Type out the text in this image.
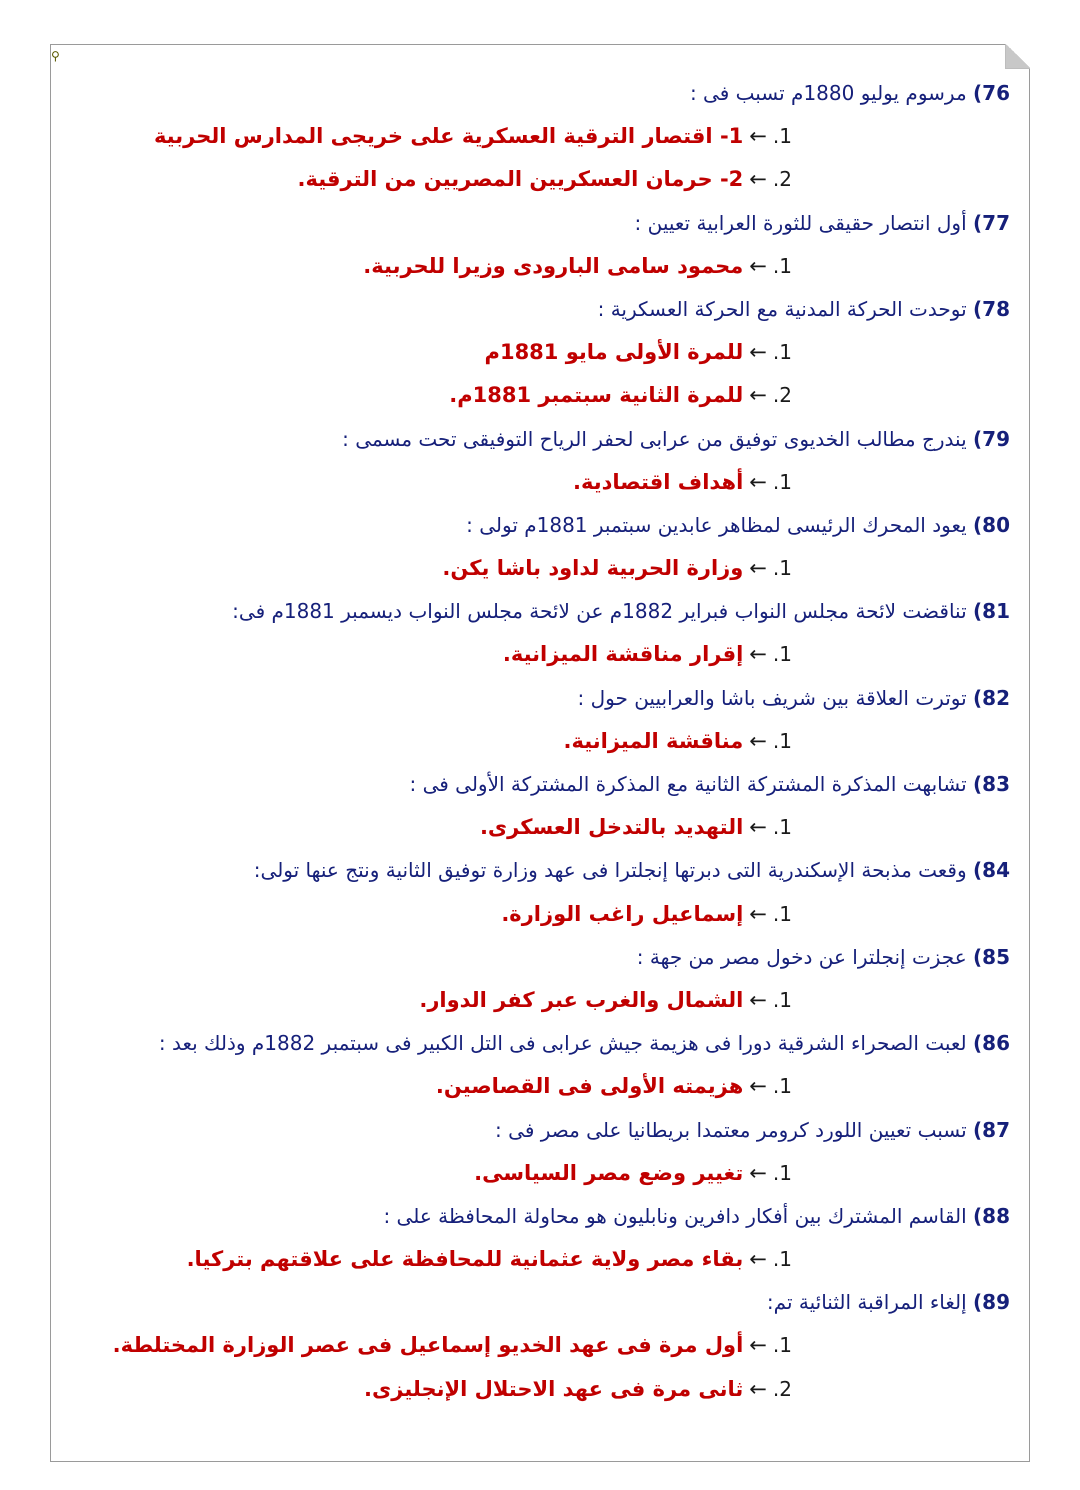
⚲
76) مرسوم يوليو 1880م تسبب فى :
1.←1- اقتصار الترقية العسكرية على خريجى المدارس الحربية
2.←2- حرمان العسكريين المصريين من الترقية.
77) أول انتصار حقيقى للثورة العرابية تعيين :
1.←محمود سامى البارودى وزيرا للحربية.
78) توحدت الحركة المدنية مع الحركة العسكرية :
1.←للمرة الأولى مايو 1881م
2.←للمرة الثانية سبتمبر 1881م.
79) يندرج مطالب الخديوى توفيق من عرابى لحفر الرياح التوفيقى تحت مسمى :
1.←أهداف اقتصادية.
80) يعود المحرك الرئيسى لمظاهر عابدين سبتمبر 1881م تولى :
1.←وزارة الحربية لداود باشا يكن.
81) تناقضت لائحة مجلس النواب فبراير 1882م عن لائحة مجلس النواب ديسمبر 1881م فى:
1.←إقرار مناقشة الميزانية.
82) توترت العلاقة بين شريف باشا والعرابيين حول :
1.←مناقشة الميزانية.
83) تشابهت المذكرة المشتركة الثانية مع المذكرة المشتركة الأولى فى :
1.←التهديد بالتدخل العسكرى.
84) وقعت مذبحة الإسكندرية التى دبرتها إنجلترا فى عهد وزارة توفيق الثانية ونتج عنها تولى:
1.←إسماعيل راغب الوزارة.
85) عجزت إنجلترا عن دخول مصر من جهة :
1.←الشمال والغرب عبر كفر الدوار.
86) لعبت الصحراء الشرقية دورا فى هزيمة جيش عرابى فى التل الكبير فى سبتمبر 1882م وذلك بعد :
1.←هزيمته الأولى فى القصاصين.
87) تسبب تعيين اللورد كرومر معتمدا بريطانيا على مصر فى :
1.←تغيير وضع مصر السياسى.
88) القاسم المشترك بين أفكار دافرين ونابليون هو محاولة المحافظة على :
1.←بقاء مصر ولاية عثمانية للمحافظة على علاقتهم بتركيا.
89) إلغاء المراقبة الثنائية تم:
1.←أول مرة فى عهد الخديو إسماعيل فى عصر الوزارة المختلطة.
2.←ثانى مرة فى عهد الاحتلال الإنجليزى.
